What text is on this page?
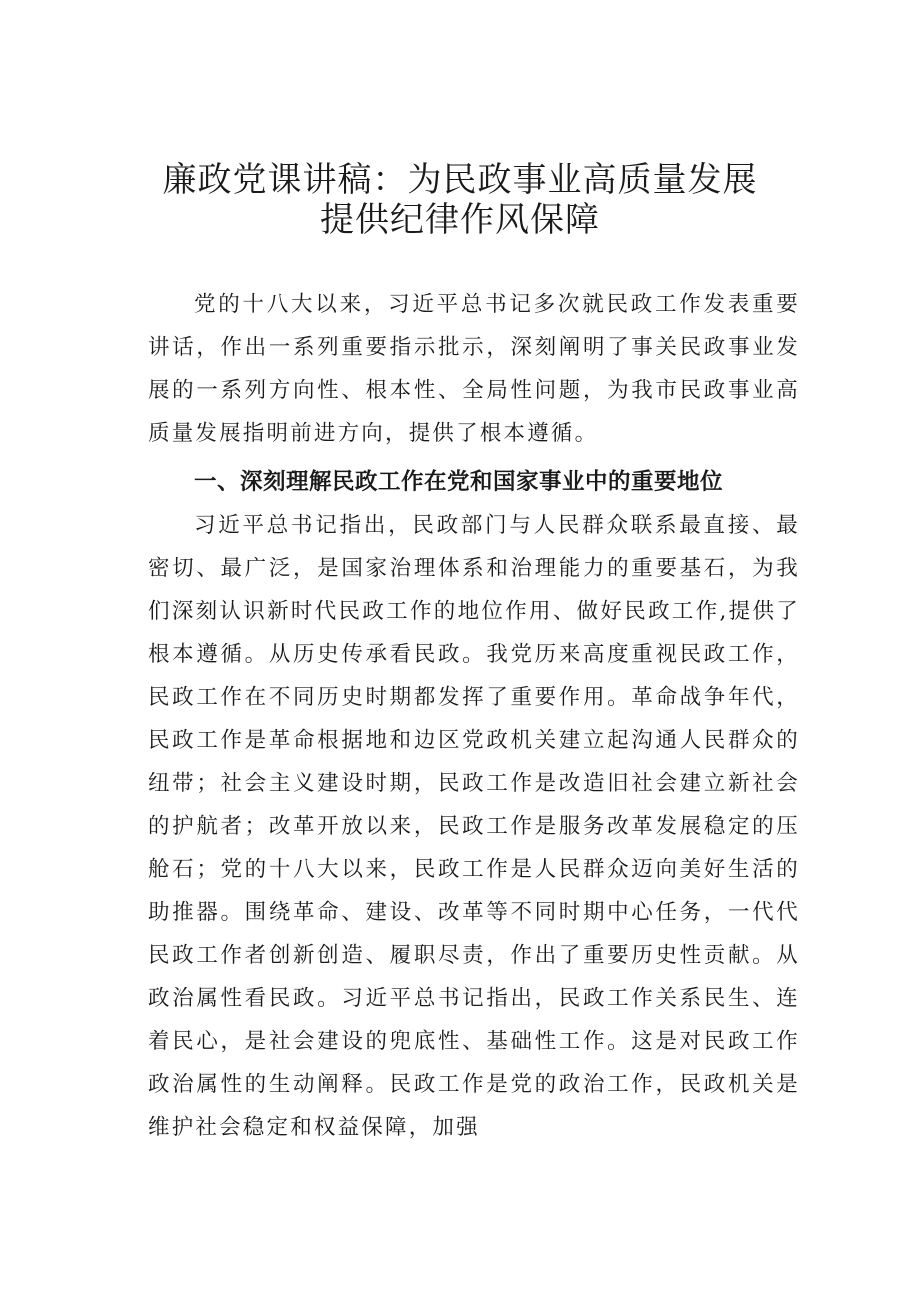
廉政党课讲稿：为民政事业高质量发展
提供纪律作风保障

党的十八大以来，习近平总书记多次就民政工作发表重要讲话，作出一系列重要指示批示，深刻阐明了事关民政事业发展的一系列方向性、根本性、全局性问题，为我市民政事业高质量发展指明前进方向，提供了根本遵循。

一、深刻理解民政工作在党和国家事业中的重要地位

习近平总书记指出，民政部门与人民群众联系最直接、最密切、最广泛，是国家治理体系和治理能力的重要基石，为我们深刻认识新时代民政工作的地位作用、做好民政工作,提供了根本遵循。从历史传承看民政。我党历来高度重视民政工作，民政工作在不同历史时期都发挥了重要作用。革命战争年代，民政工作是革命根据地和边区党政机关建立起沟通人民群众的纽带；社会主义建设时期，民政工作是改造旧社会建立新社会的护航者；改革开放以来，民政工作是服务改革发展稳定的压舱石；党的十八大以来，民政工作是人民群众迈向美好生活的助推器。围绕革命、建设、改革等不同时期中心任务，一代代民政工作者创新创造、履职尽责，作出了重要历史性贡献。从政治属性看民政。习近平总书记指出，民政工作关系民生、连着民心，是社会建设的兜底性、基础性工作。这是对民政工作政治属性的生动阐释。民政工作是党的政治工作，民政机关是维护社会稳定和权益保障，加强
